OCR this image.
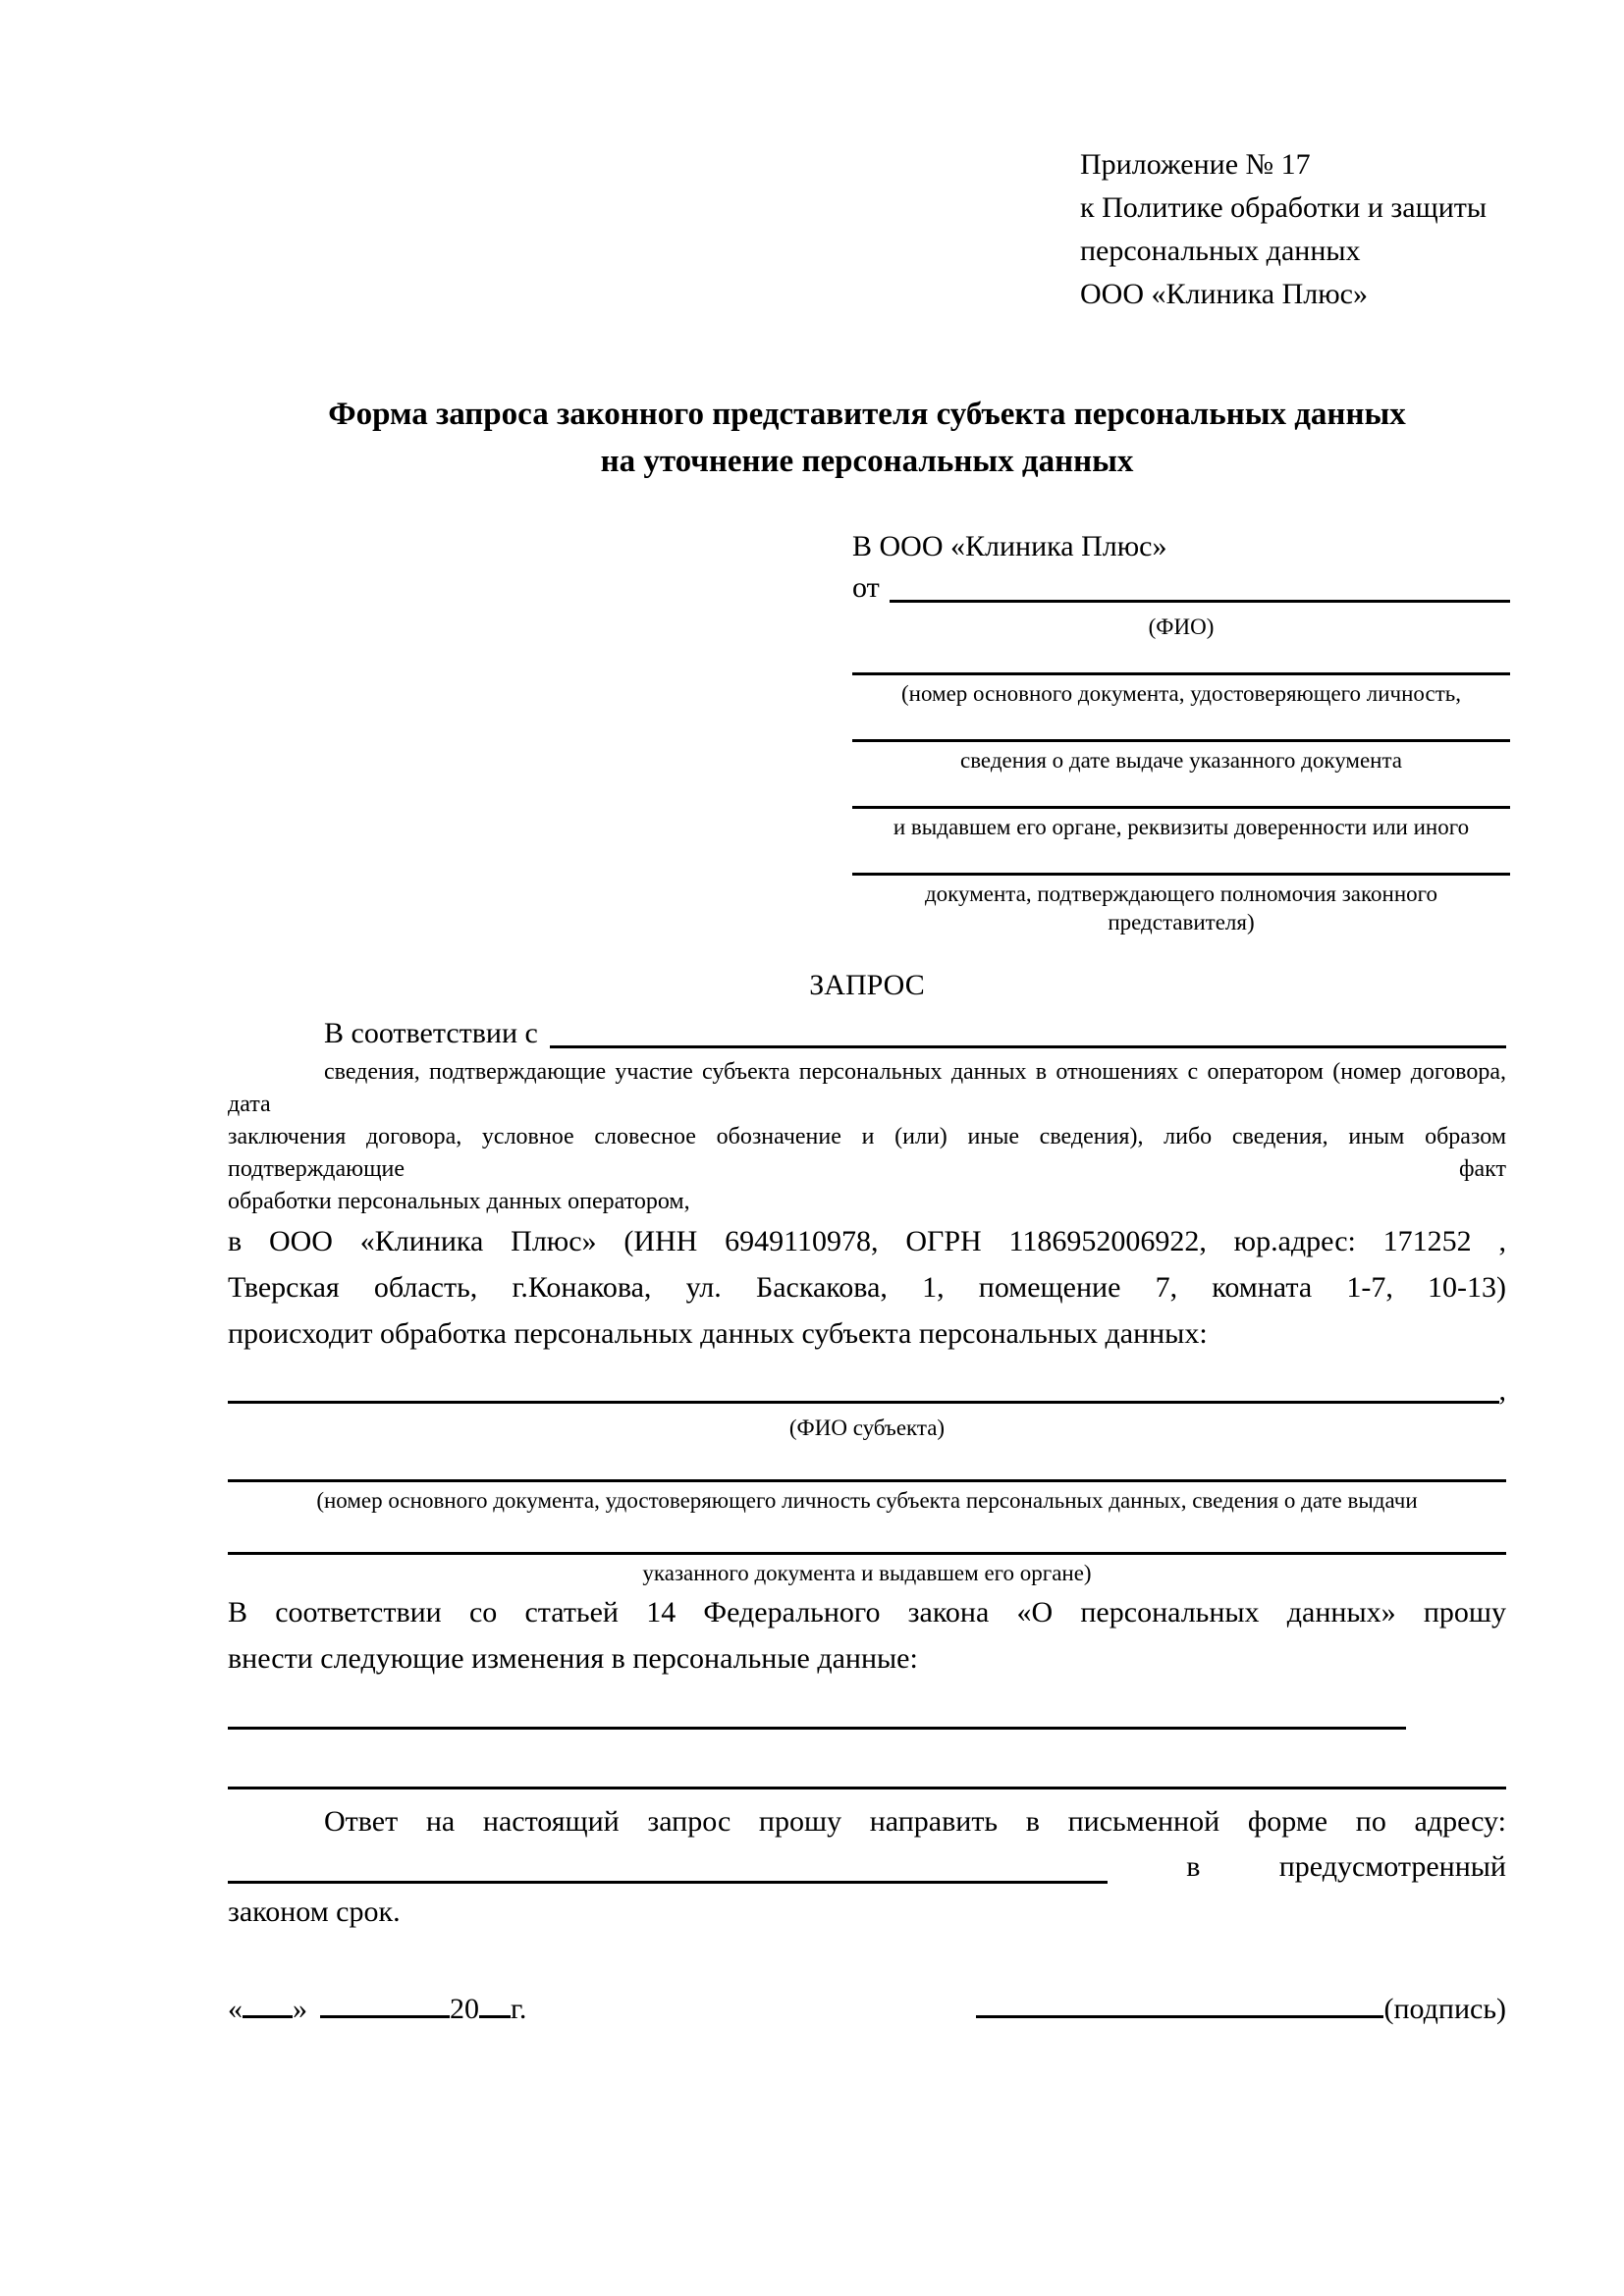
Приложение № 17
к Политике обработки и защиты
персональных данных
ООО «Клиника Плюс»
Форма запроса законного представителя субъекта персональных данных
на уточнение персональных данных
В ООО «Клиника Плюс»
от
(ФИО)
(номер основного документа, удостоверяющего личность,
сведения о дате выдаче указанного документа
и выдавшем его органе, реквизиты доверенности или иного
документа, подтверждающего полномочия законного представителя)
ЗАПРОС
В соответствии с
сведения, подтверждающие участие субъекта персональных данных в отношениях с оператором (номер договора, дата
заключения договора, условное словесное обозначение и (или) иные сведения), либо сведения, иным образом подтверждающие факт
обработки персональных данных оператором,
в ООО «Клиника Плюс» (ИНН 6949110978, ОГРН 1186952006922, юр.адрес: 171252 ,
Тверская область, г.Конакова, ул. Баскакова, 1, помещение 7, комната 1-7, 10-13)
происходит обработка персональных данных субъекта персональных данных:
,
(ФИО субъекта)
(номер основного документа, удостоверяющего личность субъекта персональных данных, сведения о дате выдачи
указанного документа и выдавшем его органе)
В соответствии со статьей 14 Федерального закона «О персональных данных» прошу
внести следующие изменения в персональные данные:
Ответ на настоящий запрос прошу направить в письменной форме по адресу:
в	предусмотренный
законом срок.
« »	20 г.	(подпись)
